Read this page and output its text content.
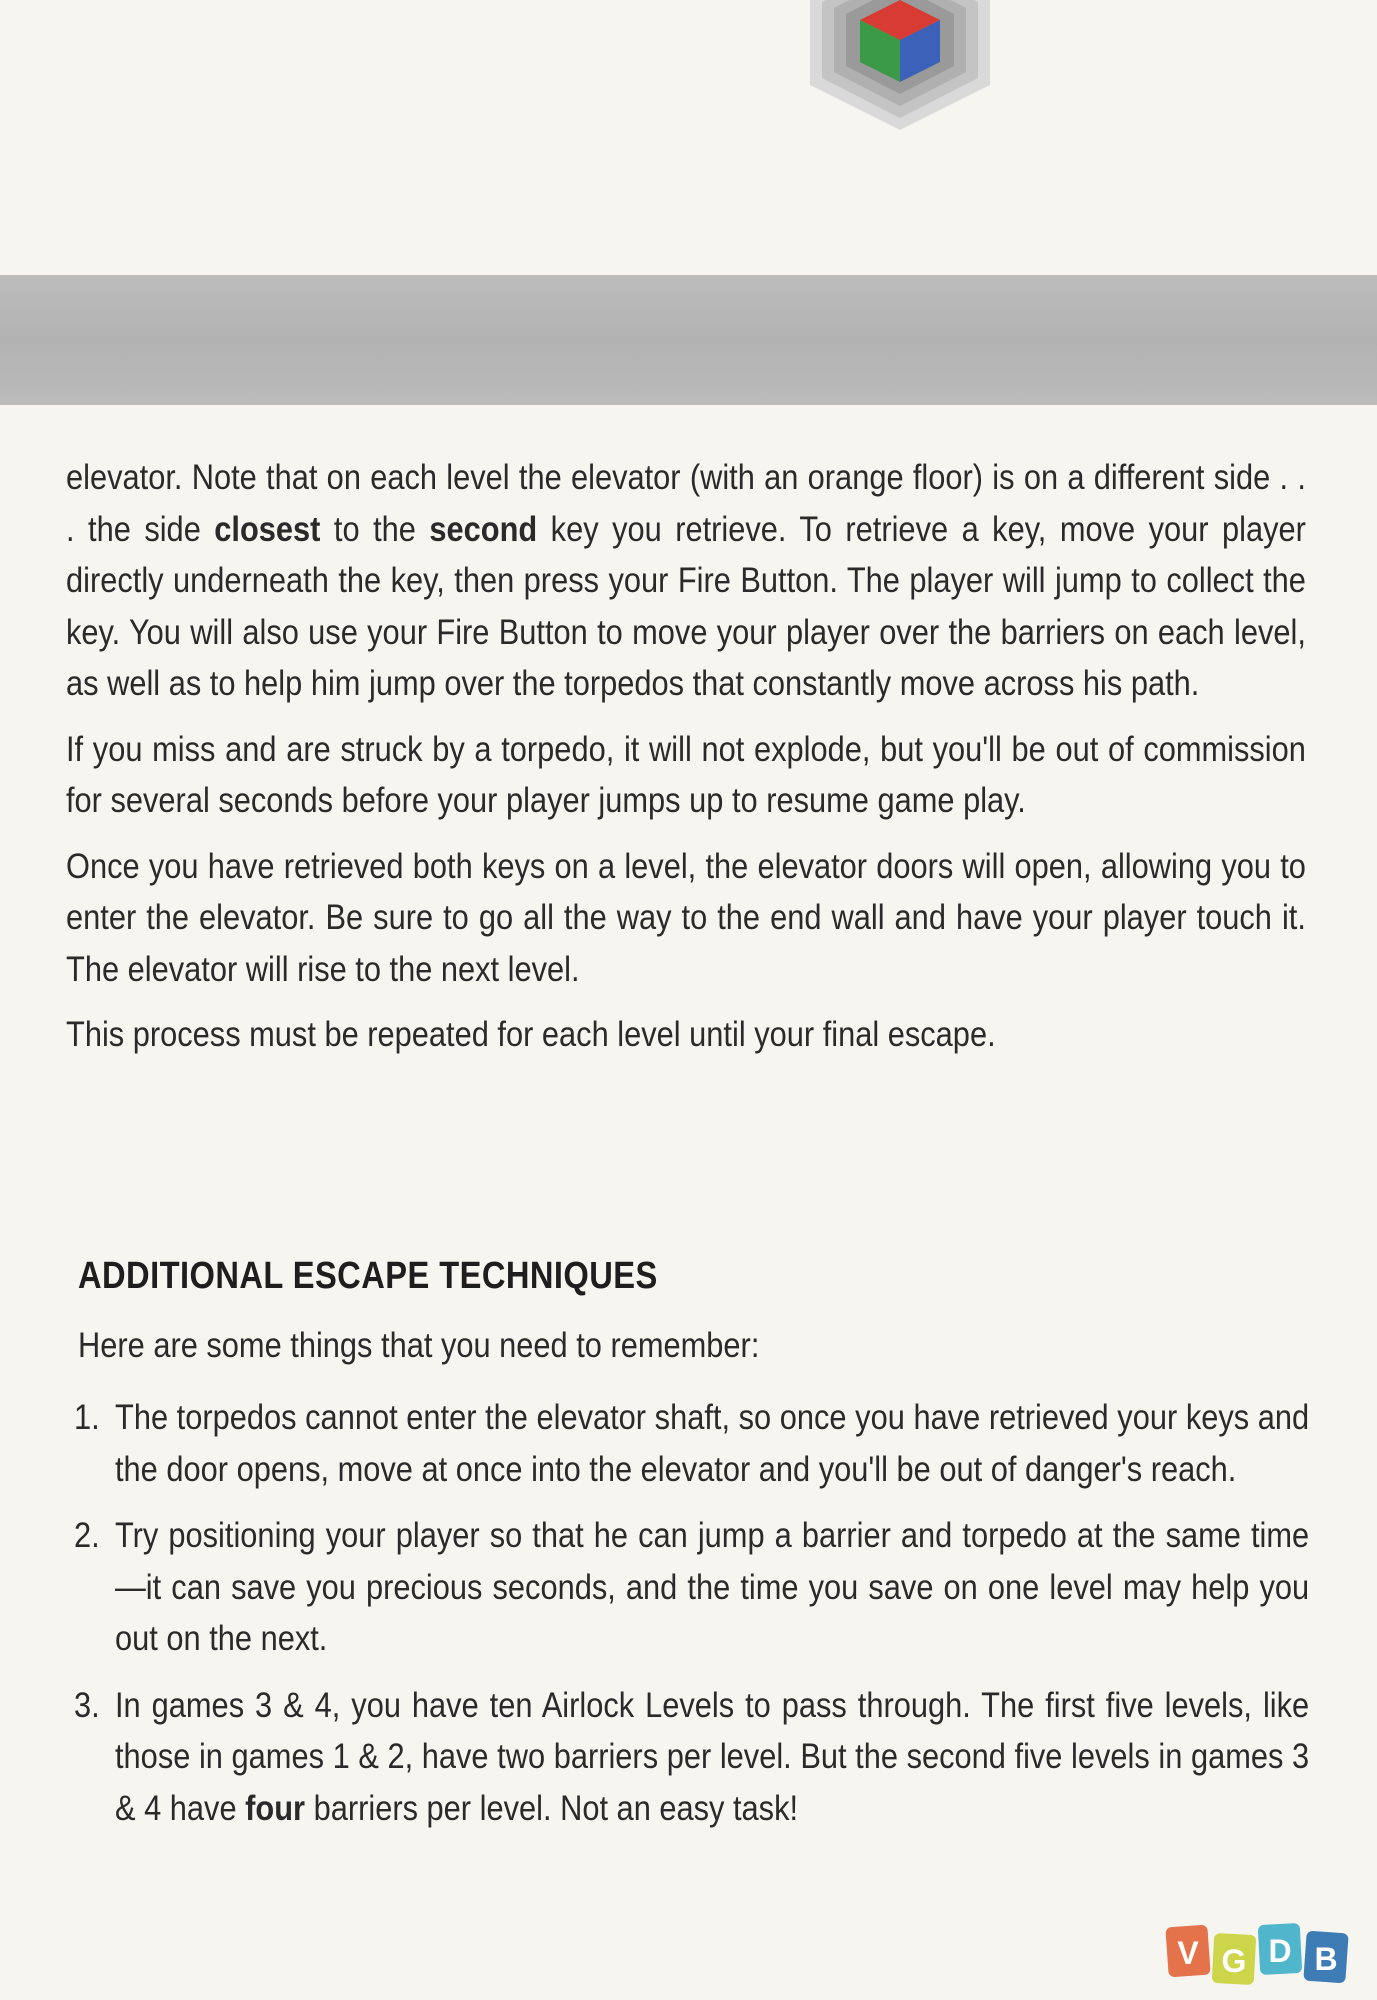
elevator. Note that on each level the elevator (with an orange floor) is on a different side . . . the side closest to the second key you retrieve. To retrieve a key, move your player directly underneath the key, then press your Fire Button. The player will jump to collect the key. You will also use your Fire Button to move your player over the barriers on each level, as well as to help him jump over the torpedos that constantly move across his path.

If you miss and are struck by a torpedo, it will not explode, but you'll be out of commission for several seconds before your player jumps up to resume game play.

Once you have retrieved both keys on a level, the elevator doors will open, allowing you to enter the elevator. Be sure to go all the way to the end wall and have your player touch it. The elevator will rise to the next level.

This process must be repeated for each level until your final escape.

ADDITIONAL ESCAPE TECHNIQUES
Here are some things that you need to remember:
1. The torpedos cannot enter the elevator shaft, so once you have retrieved your keys and the door opens, move at once into the elevator and you'll be out of danger's reach.

2. Try positioning your player so that he can jump a barrier and torpedo at the same time—it can save you precious seconds, and the time you save on one level may help you out on the next.

3. In games 3 & 4, you have ten Airlock Levels to pass through. The first five levels, like those in games 1 & 2, have two barriers per level. But the second five levels in games 3 & 4 have four barriers per level. Not an easy task!

V G D B
